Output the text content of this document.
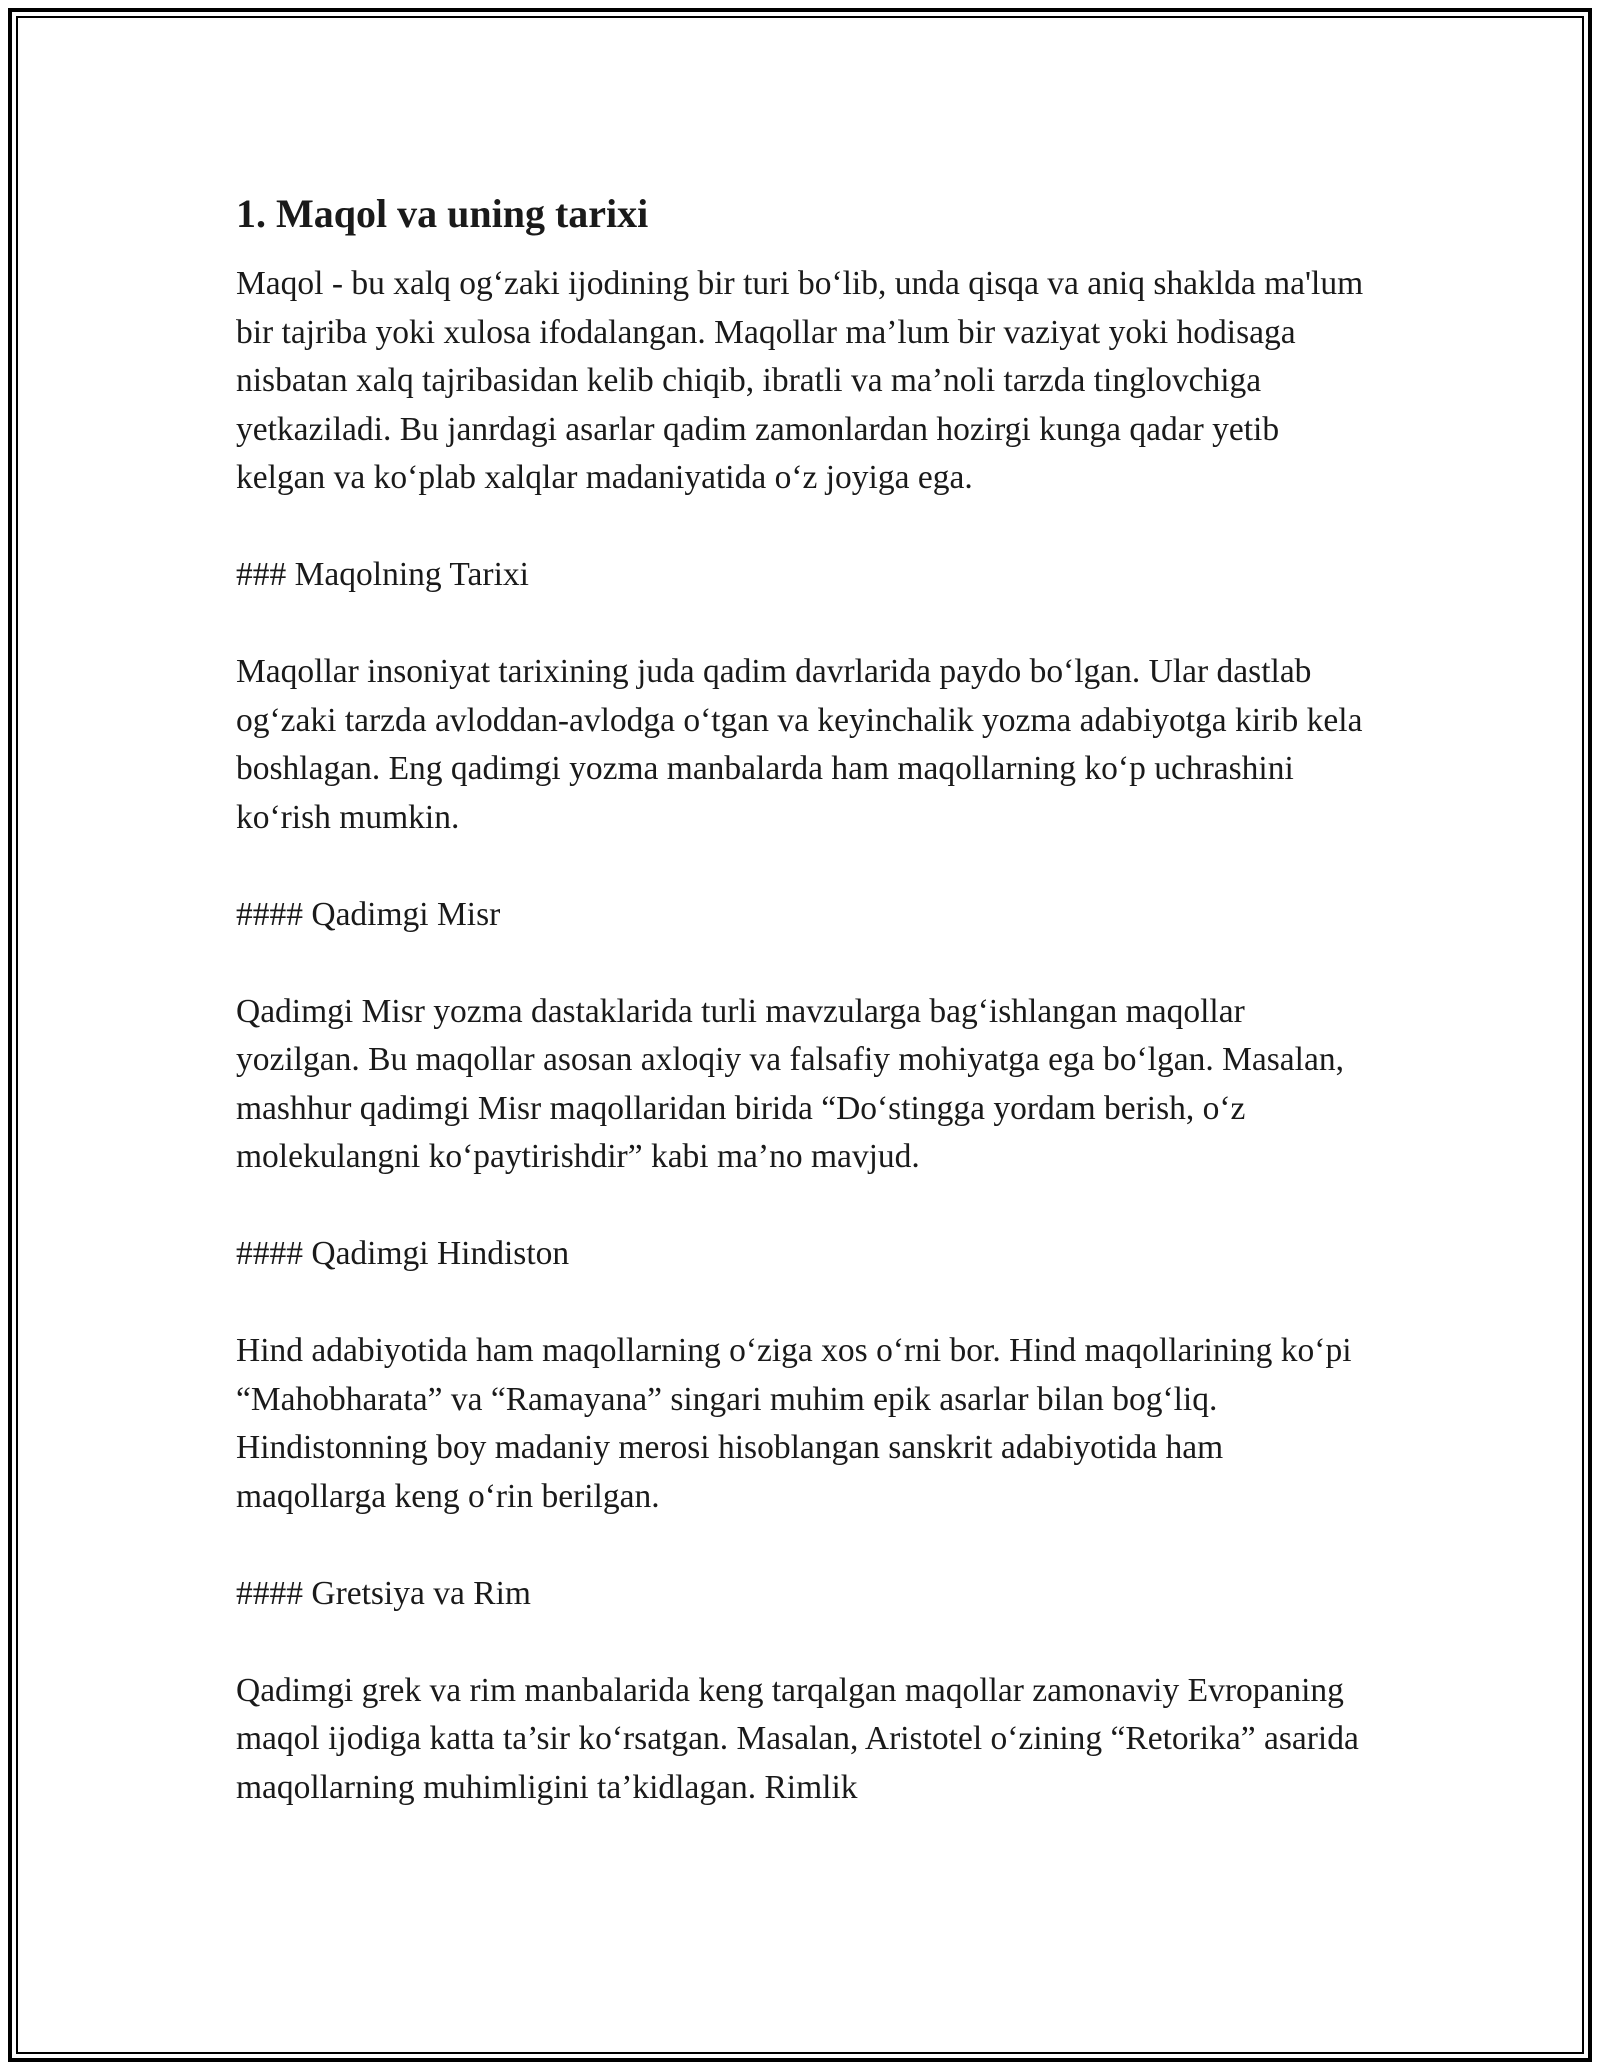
1. Maqol va uning tarixi

Maqol - bu xalq og‘zaki ijodining bir turi bo‘lib, unda qisqa va aniq shaklda ma'lum bir tajriba yoki xulosa ifodalangan. Maqollar ma’lum bir vaziyat yoki hodisaga nisbatan xalq tajribasidan kelib chiqib, ibratli va ma’noli tarzda tinglovchiga yetkaziladi. Bu janrdagi asarlar qadim zamonlardan hozirgi kunga qadar yetib kelgan va ko‘plab xalqlar madaniyatida o‘z joyiga ega.

### Maqolning Tarixi

Maqollar insoniyat tarixining juda qadim davrlarida paydo bo‘lgan. Ular dastlab og‘zaki tarzda avloddan-avlodga o‘tgan va keyinchalik yozma adabiyotga kirib kela boshlagan. Eng qadimgi yozma manbalarda ham maqollarning ko‘p uchrashini ko‘rish mumkin.

#### Qadimgi Misr

Qadimgi Misr yozma dastaklarida turli mavzularga bag‘ishlangan maqollar yozilgan. Bu maqollar asosan axloqiy va falsafiy mohiyatga ega bo‘lgan. Masalan, mashhur qadimgi Misr maqollaridan birida “Do‘stingga yordam berish, o‘z molekulangni ko‘paytirishdir” kabi ma’no mavjud.

#### Qadimgi Hindiston

Hind adabiyotida ham maqollarning o‘ziga xos o‘rni bor. Hind maqollarining ko‘pi “Mahobharata” va “Ramayana” singari muhim epik asarlar bilan bog‘liq. Hindistonning boy madaniy merosi hisoblangan sanskrit adabiyotida ham maqollarga keng o‘rin berilgan.

#### Gretsiya va Rim

Qadimgi grek va rim manbalarida keng tarqalgan maqollar zamonaviy Evropaning maqol ijodiga katta ta’sir ko‘rsatgan. Masalan, Aristotel o‘zining “Retorika” asarida maqollarning muhimligini ta’kidlagan. Rimlik
